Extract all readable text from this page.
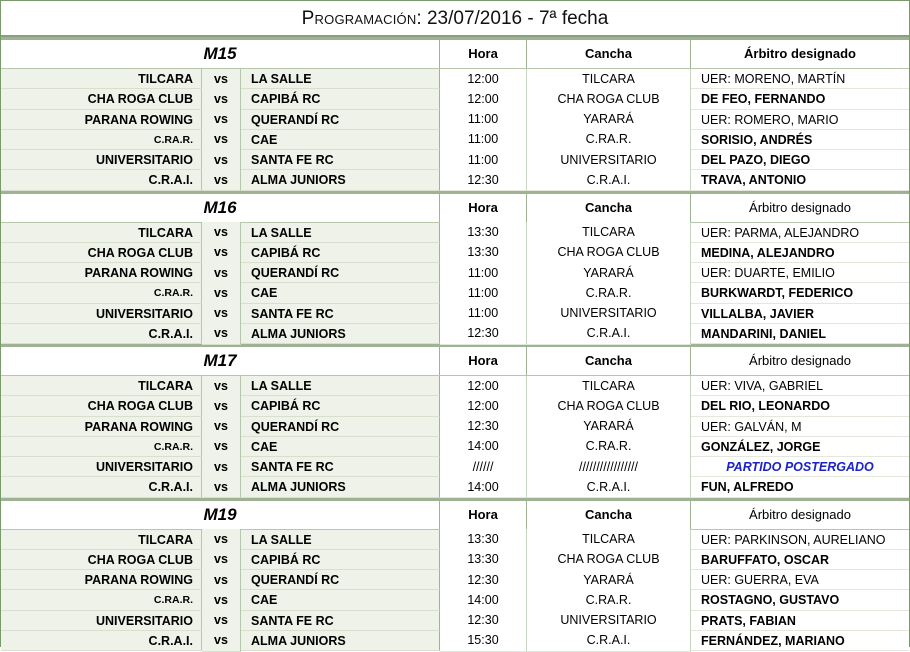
Programación: 23/07/2016 - 7ª fecha
M15	Hora	Cancha	Árbitro designado
TILCARA	vs	LA SALLE	12:00	TILCARA	UER: MORENO, MARTÍN
CHA ROGA CLUB	vs	CAPIBÁ RC	12:00	CHA ROGA CLUB	DE FEO, FERNANDO
PARANA ROWING	vs	QUERANDÍ RC	11:00	YARARÁ	UER: ROMERO, MARIO
C.RA.R.	vs	CAE	11:00	C.RA.R.	SORISIO, ANDRÉS
UNIVERSITARIO	vs	SANTA FE RC	11:00	UNIVERSITARIO	DEL PAZO, DIEGO
C.R.A.I.	vs	ALMA JUNIORS	12:30	C.R.A.I.	TRAVA, ANTONIO
M16	Hora	Cancha	Árbitro designado
TILCARA	vs	LA SALLE	13:30	TILCARA	UER: PARMA, ALEJANDRO
CHA ROGA CLUB	vs	CAPIBÁ RC	13:30	CHA ROGA CLUB	MEDINA, ALEJANDRO
PARANA ROWING	vs	QUERANDÍ RC	11:00	YARARÁ	UER: DUARTE, EMILIO
C.RA.R.	vs	CAE	11:00	C.RA.R.	BURKWARDT, FEDERICO
UNIVERSITARIO	vs	SANTA FE RC	11:00	UNIVERSITARIO	VILLALBA, JAVIER
C.R.A.I.	vs	ALMA JUNIORS	12:30	C.R.A.I.	MANDARINI, DANIEL
M17	Hora	Cancha	Árbitro designado
TILCARA	vs	LA SALLE	12:00	TILCARA	UER: VIVA, GABRIEL
CHA ROGA CLUB	vs	CAPIBÁ RC	12:00	CHA ROGA CLUB	DEL RIO, LEONARDO
PARANA ROWING	vs	QUERANDÍ RC	12:30	YARARÁ	UER: GALVÁN, M
C.RA.R.	vs	CAE	14:00	C.RA.R.	GONZÁLEZ, JORGE
UNIVERSITARIO	vs	SANTA FE RC	//////	/////////////////	PARTIDO POSTERGADO
C.R.A.I.	vs	ALMA JUNIORS	14:00	C.R.A.I.	FUN, ALFREDO
M19	Hora	Cancha	Árbitro designado
TILCARA	vs	LA SALLE	13:30	TILCARA	UER: PARKINSON, AURELIANO
CHA ROGA CLUB	vs	CAPIBÁ RC	13:30	CHA ROGA CLUB	BARUFFATO, OSCAR
PARANA ROWING	vs	QUERANDÍ RC	12:30	YARARÁ	UER: GUERRA, EVA
C.RA.R.	vs	CAE	14:00	C.RA.R.	ROSTAGNO, GUSTAVO
UNIVERSITARIO	vs	SANTA FE RC	12:30	UNIVERSITARIO	PRATS, FABIAN
C.R.A.I.	vs	ALMA JUNIORS	15:30	C.R.A.I.	FERNÁNDEZ, MARIANO
